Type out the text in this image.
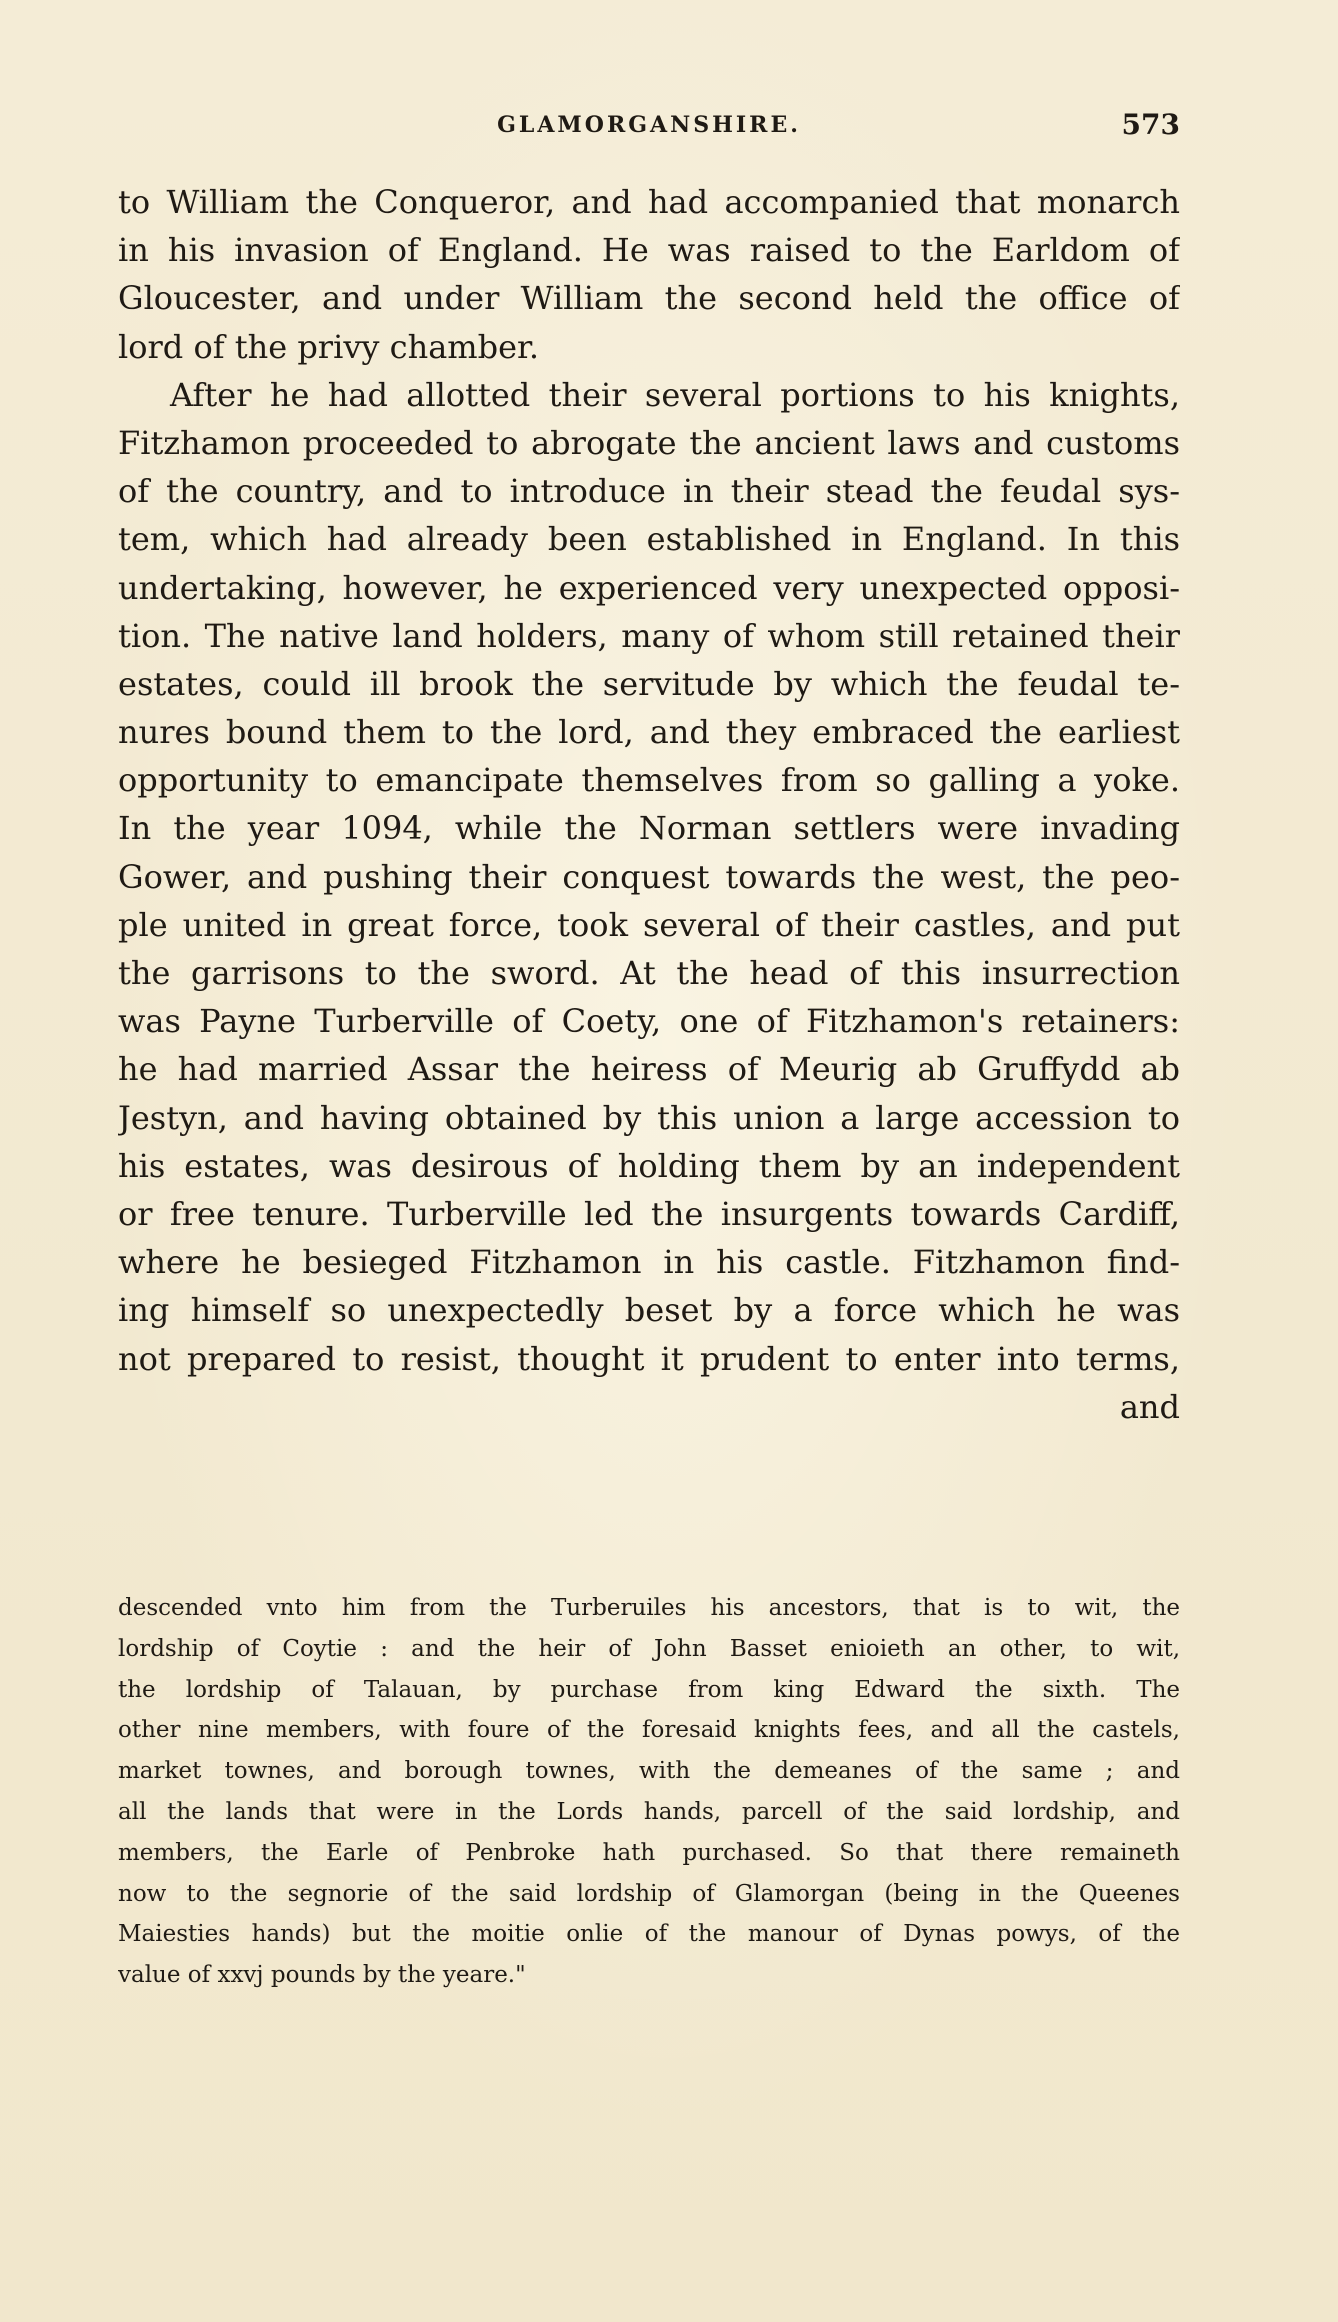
GLAMORGANSHIRE.	573
to William the Conqueror, and had accompanied that monarch
in his invasion of England. He was raised to the Earldom of
Gloucester, and under William the second held the office of
lord of the privy chamber.
After he had allotted their several portions to his knights,
Fitzhamon proceeded to abrogate the ancient laws and customs
of the country, and to introduce in their stead the feudal sys-
tem, which had already been established in England. In this
undertaking, however, he experienced very unexpected opposi-
tion. The native land holders, many of whom still retained their
estates, could ill brook the servitude by which the feudal te-
nures bound them to the lord, and they embraced the earliest
opportunity to emancipate themselves from so galling a yoke.
In the year 1094, while the Norman settlers were invading
Gower, and pushing their conquest towards the west, the peo-
ple united in great force, took several of their castles, and put
the garrisons to the sword. At the head of this insurrection
was Payne Turberville of Coety, one of Fitzhamon's retainers:
he had married Assar the heiress of Meurig ab Gruffydd ab
Jestyn, and having obtained by this union a large accession to
his estates, was desirous of holding them by an independent
or free tenure. Turberville led the insurgents towards Cardiff,
where he besieged Fitzhamon in his castle. Fitzhamon find-
ing himself so unexpectedly beset by a force which he was
not prepared to resist, thought it prudent to enter into terms,
and
descended vnto him from the Turberuiles his ancestors, that is to wit, the
lordship of Coytie : and the heir of John Basset enioieth an other, to wit,
the lordship of Talauan, by purchase from king Edward the sixth. The
other nine members, with foure of the foresaid knights fees, and all the castels,
market townes, and borough townes, with the demeanes of the same ; and
all the lands that were in the Lords hands, parcell of the said lordship, and
members, the Earle of Penbroke hath purchased. So that there remaineth
now to the segnorie of the said lordship of Glamorgan (being in the Queenes
Maiesties hands) but the moitie onlie of the manour of Dynas powys, of the
value of xxvj pounds by the yeare."
